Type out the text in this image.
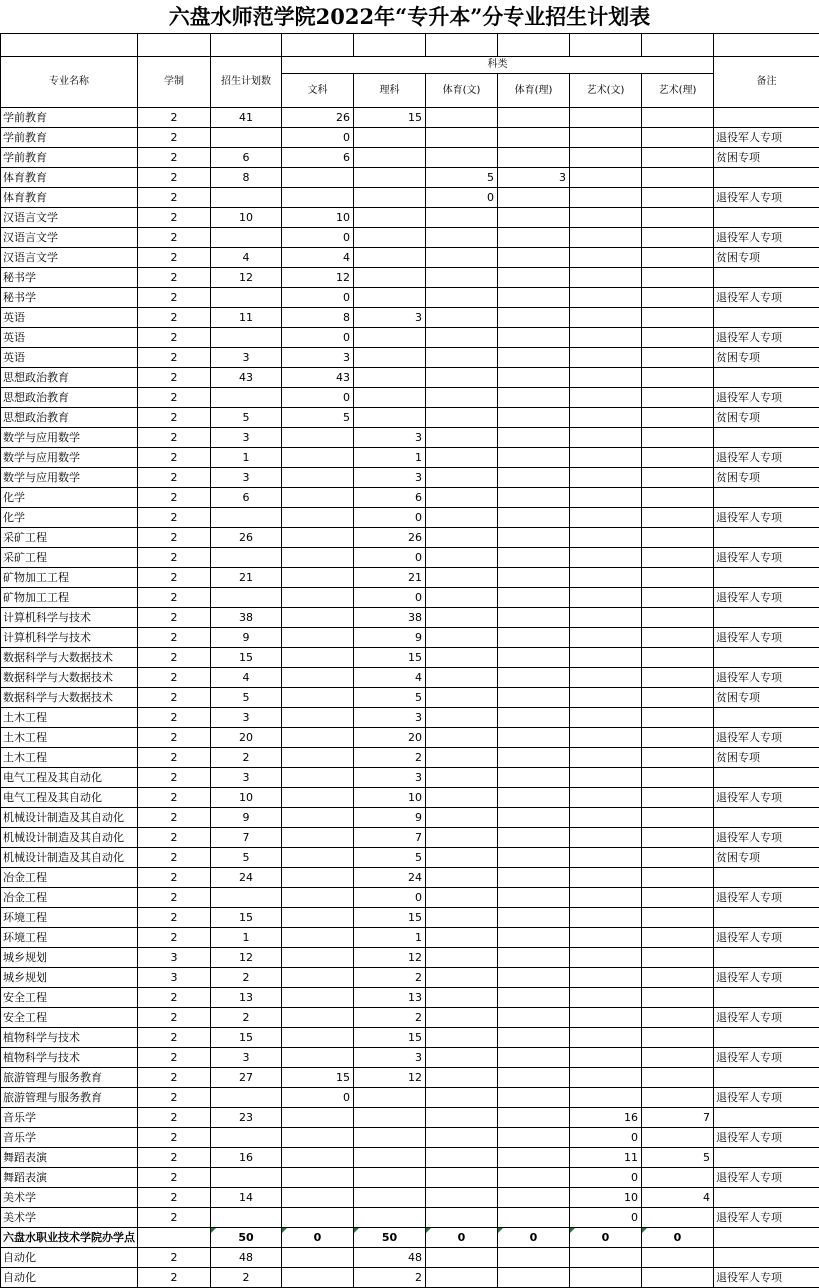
六盘水师范学院2022年“专升本”分专业招生计划表

专业名称	学制	招生计划数	科类						备注
			文科	理科	体育(文)	体育(理)	艺术(文)	艺术(理)	
学前教育	2	41	26	15					
学前教育	2		0						退役军人专项
学前教育	2	6	6						贫困专项
体育教育	2	8			5	3			
体育教育	2				0				退役军人专项
汉语言文学	2	10	10						
汉语言文学	2		0						退役军人专项
汉语言文学	2	4	4						贫困专项
秘书学	2	12	12						
秘书学	2		0						退役军人专项
英语	2	11	8	3					
英语	2		0						退役军人专项
英语	2	3	3						贫困专项
思想政治教育	2	43	43						
思想政治教育	2		0						退役军人专项
思想政治教育	2	5	5						贫困专项
数学与应用数学	2	3		3					
数学与应用数学	2	1		1					退役军人专项
数学与应用数学	2	3		3					贫困专项
化学	2	6		6					
化学	2			0					退役军人专项
采矿工程	2	26		26					
采矿工程	2			0					退役军人专项
矿物加工工程	2	21		21					
矿物加工工程	2			0					退役军人专项
计算机科学与技术	2	38		38					
计算机科学与技术	2	9		9					退役军人专项
数据科学与大数据技术	2	15		15					
数据科学与大数据技术	2	4		4					退役军人专项
数据科学与大数据技术	2	5		5					贫困专项
土木工程	2	3		3					
土木工程	2	20		20					退役军人专项
土木工程	2	2		2					贫困专项
电气工程及其自动化	2	3		3					
电气工程及其自动化	2	10		10					退役军人专项
机械设计制造及其自动化	2	9		9					
机械设计制造及其自动化	2	7		7					退役军人专项
机械设计制造及其自动化	2	5		5					贫困专项
冶金工程	2	24		24					
冶金工程	2			0					退役军人专项
环境工程	2	15		15					
环境工程	2	1		1					退役军人专项
城乡规划	3	12		12					
城乡规划	3	2		2					退役军人专项
安全工程	2	13		13					
安全工程	2	2		2					退役军人专项
植物科学与技术	2	15		15					
植物科学与技术	2	3		3					退役军人专项
旅游管理与服务教育	2	27	15	12					
旅游管理与服务教育	2		0						退役军人专项
音乐学	2	23					16	7	
音乐学	2						0		退役军人专项
舞蹈表演	2	16					11	5	
舞蹈表演	2						0		退役军人专项
美术学	2	14					10	4	
美术学	2						0		退役军人专项
六盘水职业技术学院办学点		50	0	50	0	0	0	0	
自动化	2	48		48					
自动化	2	2		2					退役军人专项
